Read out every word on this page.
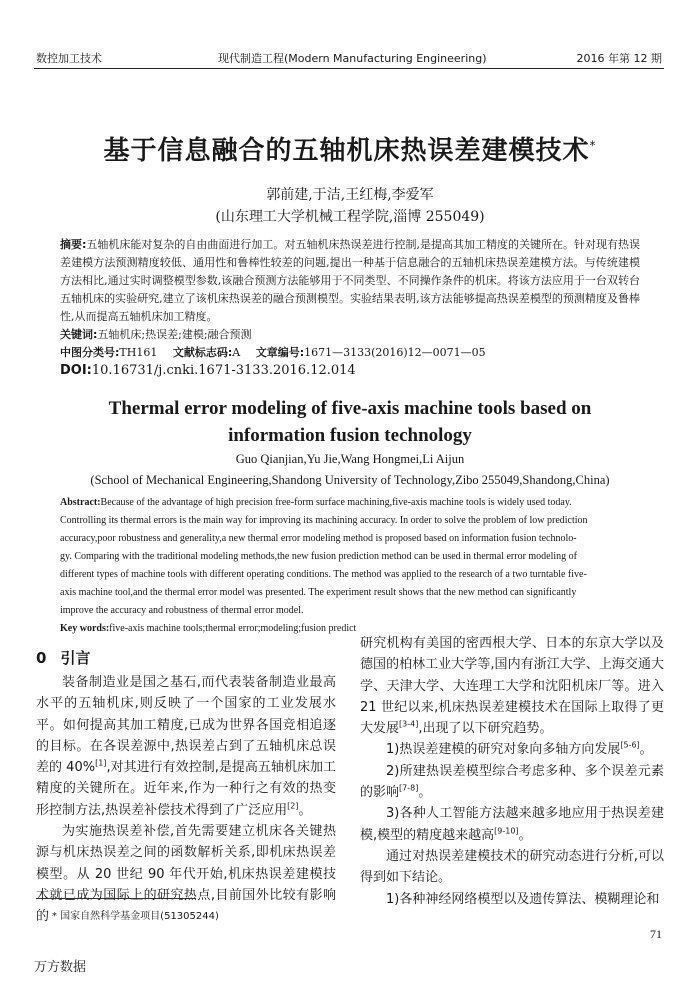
数控加工技术	现代制造工程(Modern Manufacturing Engineering)	2016 年第 12 期
基于信息融合的五轴机床热误差建模技术*
郭前建,于洁,王红梅,李爱军
(山东理工大学机械工程学院,淄博 255049)
摘要:五轴机床能对复杂的自由曲面进行加工。对五轴机床热误差进行控制,是提高其加工精度的关键所在。针对现有热误差建模方法预测精度较低、通用性和鲁棒性较差的问题,提出一种基于信息融合的五轴机床热误差建模方法。与传统建模方法相比,通过实时调整模型参数,该融合预测方法能够用于不同类型、不同操作条件的机床。将该方法应用于一台双转台五轴机床的实验研究,建立了该机床热误差的融合预测模型。实验结果表明,该方法能够提高热误差模型的预测精度及鲁棒性,从而提高五轴机床加工精度。
关键词:五轴机床;热误差;建模;融合预测
中图分类号:TH161 文献标志码:A 文章编号:1671—3133(2016)12—0071—05
DOI:10.16731/j.cnki.1671-3133.2016.12.014
Thermal error modeling of five-axis machine tools based on
information fusion technology
Guo Qianjian,Yu Jie,Wang Hongmei,Li Aijun
(School of Mechanical Engineering,Shandong University of Technology,Zibo 255049,Shandong,China)
Abstract:Because of the advantage of high precision free-form surface machining,five-axis machine tools is widely used today.
Controlling its thermal errors is the main way for improving its machining accuracy. In order to solve the problem of low prediction
accuracy,poor robustness and generality,a new thermal error modeling method is proposed based on information fusion technolo-
gy. Comparing with the traditional modeling methods,the new fusion prediction method can be used in thermal error modeling of
different types of machine tools with different operating conditions. The method was applied to the research of a two turntable five-
axis machine tool,and the thermal error model was presented. The experiment result shows that the new method can significantly
improve the accuracy and robustness of thermal error model.
Key words:five-axis machine tools;thermal error;modeling;fusion predict
0 引言

装备制造业是国之基石,而代表装备制造业最高水平的五轴机床,则反映了一个国家的工业发展水平。如何提高其加工精度,已成为世界各国竞相追逐的目标。在各误差源中,热误差占到了五轴机床总误差的 40%[1],对其进行有效控制,是提高五轴机床加工精度的关键所在。近年来,作为一种行之有效的热变形控制方法,热误差补偿技术得到了广泛应用[2]。

为实施热误差补偿,首先需要建立机床各关键热源与机床热误差之间的函数解析关系,即机床热误差模型。从 20 世纪 90 年代开始,机床热误差建模技术就已成为国际上的研究热点,目前国外比较有影响的

研究机构有美国的密西根大学、日本的东京大学以及德国的柏林工业大学等,国内有浙江大学、上海交通大学、天津大学、大连理工大学和沈阳机床厂等。进入 21 世纪以来,机床热误差建模技术在国际上取得了更大发展[3-4],出现了以下研究趋势。

1)热误差建模的研究对象向多轴方向发展[5-6]。

2)所建热误差模型综合考虑多种、多个误差元素的影响[7-8]。

3)各种人工智能方法越来越多地应用于热误差建模,模型的精度越来越高[9-10]。

通过对热误差建模技术的研究动态进行分析,可以得到如下结论。

1)各种神经网络模型以及遗传算法、模糊理论和

* 国家自然科学基金项目(51305244)
71
万方数据
